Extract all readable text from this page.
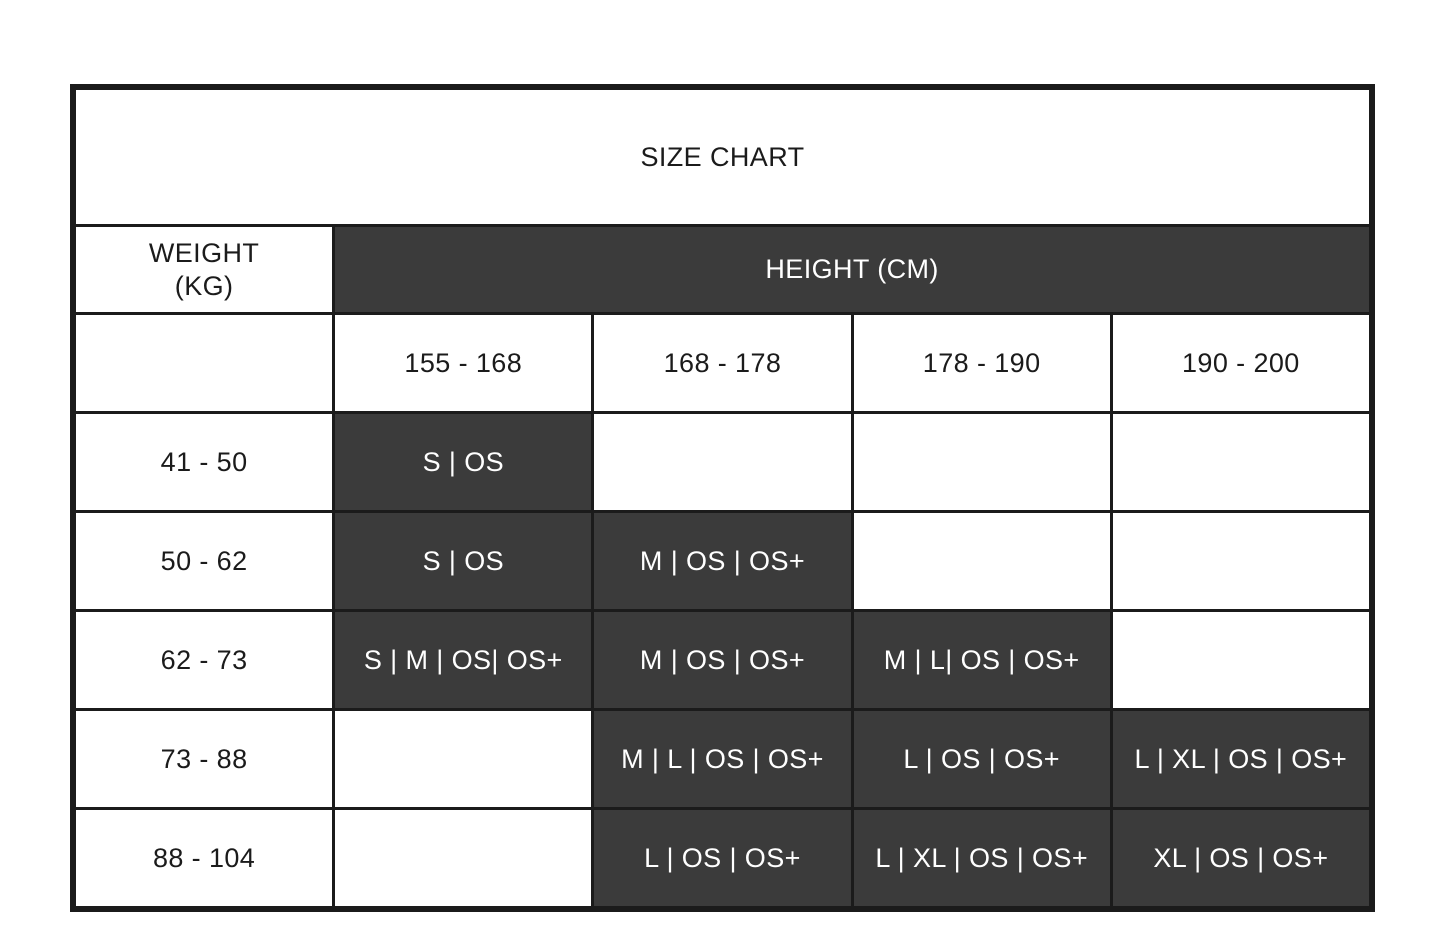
SIZE CHART				

WEIGHT
(KG)	HEIGHT (CM)			
	155 - 168	168 - 178	178 - 190	190 - 200
41 - 50	S | OS			
50 - 62	S | OS	M | OS | OS+		
62 - 73	S | M | OS| OS+	M | OS | OS+	M | L| OS | OS+	
73 - 88		M | L | OS | OS+	L | OS | OS+	L | XL | OS | OS+
88 - 104		L | OS | OS+	L | XL | OS | OS+	XL | OS | OS+
